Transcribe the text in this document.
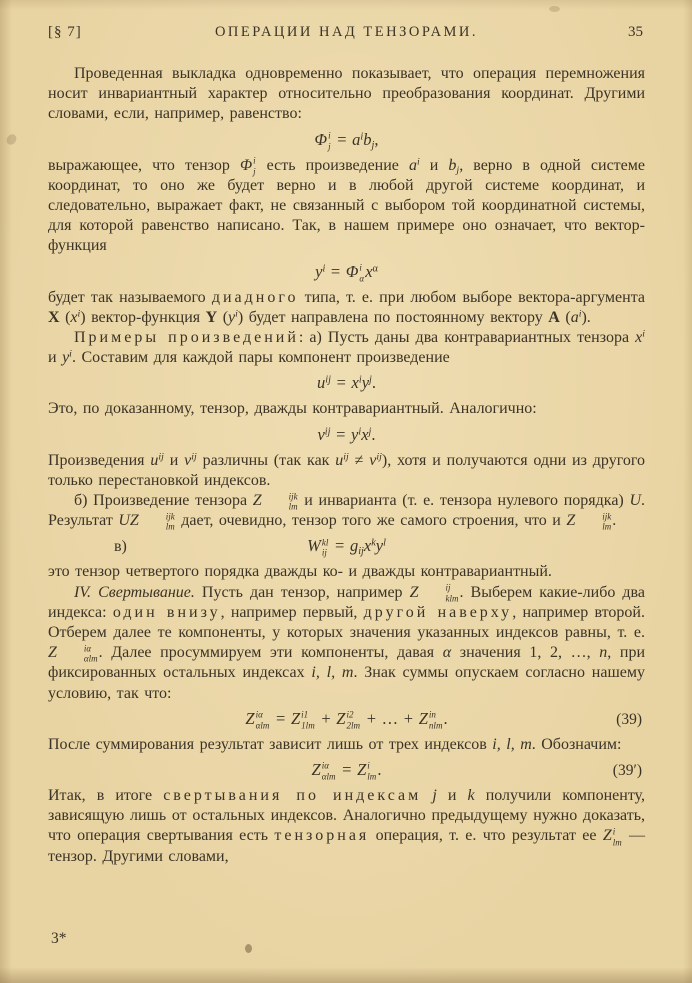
[§ 7]	ОПЕРАЦИИ НАД ТЕНЗОРАМИ.	35

Проведенная выкладка одновременно показывает, что операция перемножения носит инвариантный характер относительно преобразования координат. Другими словами, если, например, равенство:

Φ i
$j = a^ib_j$,

выражающее, что тензор Φ i
j есть произведение $a^i$ и $b_j$, верно в одной системе координат, то оно же будет верно и в любой другой системе координат, и следовательно, выражает факт, не связанный с выбором той координатной системы, для которой равенство написано. Так, в нашем примере оно означает, что вектор-функция

$y^i = \Phi$ i
α $x^\alpha$

будет так называемого диадного типа, т. е. при любом выборе вектора-аргумента X $(x^i)$ вектор-функция Y $(y^i)$ будет направлена по постоянному вектору A $(a^i)$.

Примеры произведений: а) Пусть даны два контравариантных тензора $x^i$ и $y^i$. Составим для каждой пары компонент произведение

$u^{ij} = x^iy^j$.

Это, по доказанному, тензор, дважды контравариантный. Аналогично:

$v^{ij} = y^ix^j$.

Произведения $u^{ij}$ и $v^{ij}$ различны (так как $u^{ij} \ne v^{ij}$), хотя и получаются одни из другого только перестановкой индексов.

б) Произведение тензора Z	ijk
lm и инварианта (т. е. тензора нулевого порядка) U. Результат UZ	ijk
lm дает, очевидно, тензор того же самого строения, что и Z	ijk
lm .

в)	W kl
ij = $g_{ij}x^ky^l$

это тензор четвертого порядка дважды ко- и дважды контравариантный.

IV. Свертывание. Пусть дан тензор, например Z	ij
klm . Выберем какие-либо два индекса: один внизу, например первый, другой наверху, например второй. Отберем далее те компоненты, у которых значения указанных индексов равны, т. е. Z	iα
αlm . Далее просуммируем эти компоненты, давая α значения 1, 2, …, n, при фиксированных остальных индексах i, l, m. Знак суммы опускаем согласно нашему условию, так что:

Z iα
αlm = Z i1
1lm + Z i2
2lm + … + Z in
nlm .	(39)

После суммирования результат зависит лишь от трех индексов i, l, m. Обозначим:

Z iα
αlm = Z i
lm .	(39′)

Итак, в итоге свертывания по индексам j и k получили компоненту, зависящую лишь от остальных индексов. Аналогично предыдущему нужно доказать, что операция свертывания есть тензорная операция, т. е. что результат ее Z i
lm — тензор. Другими словами,

3*
